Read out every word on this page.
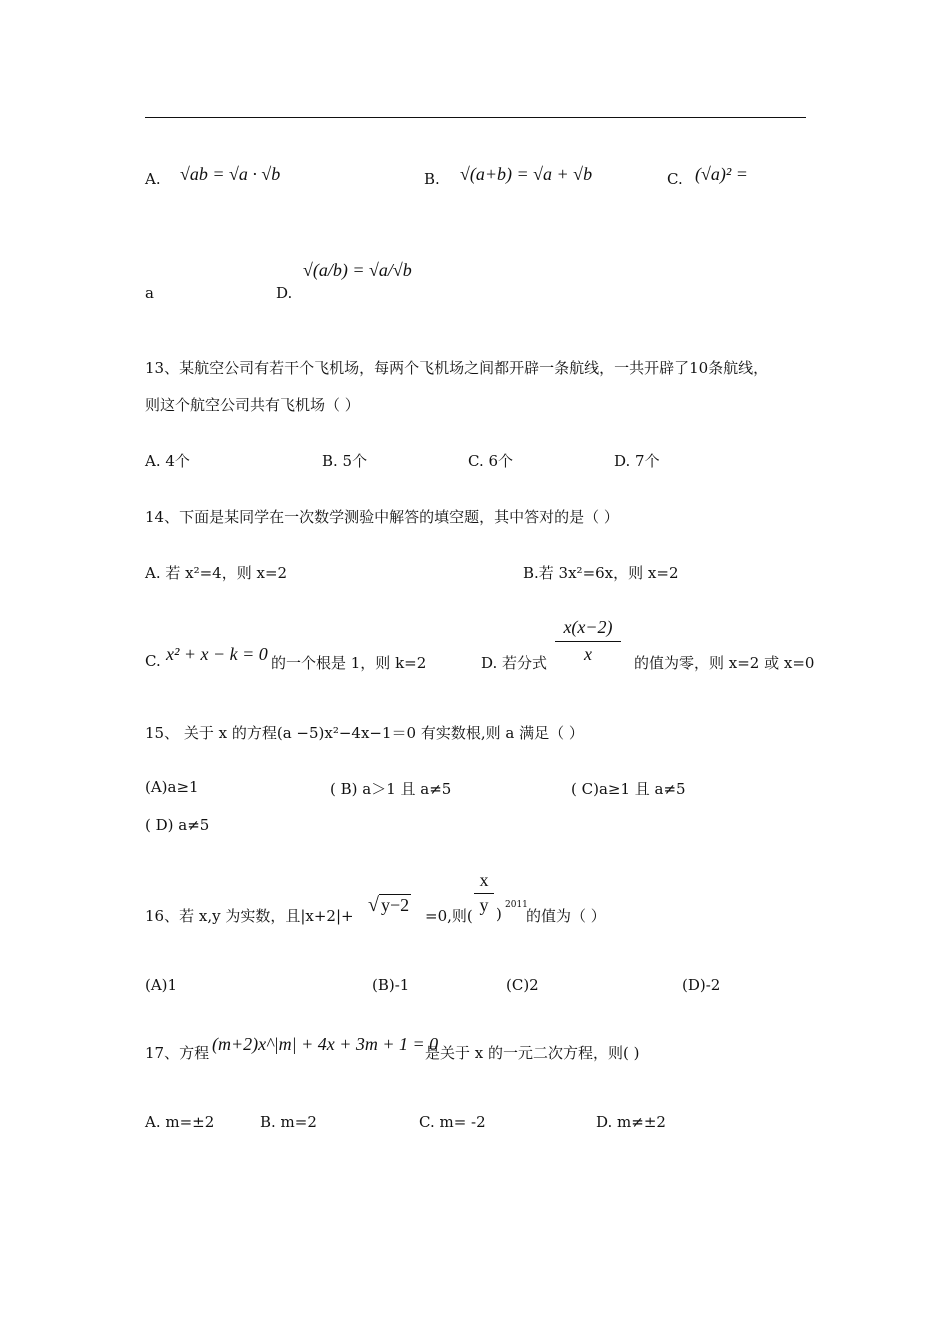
A. √ab = √a · √b	B. √(a+b) = √a + √b	C. (√a)² =
a	D.
√(a/b) = √a/√b
13、某航空公司有若干个飞机场，每两个飞机场之间都开辟一条航线，一共开辟了10条航线，
则这个航空公司共有飞机场（ ）
A. 4个	B. 5个	C. 6个	D. 7个
14、下面是某同学在一次数学测验中解答的填空题，其中答对的是（ ）
A. 若 x²=4，则 x=2	B.若 3x²=6x，则 x=2
C. x² + x − k = 0 的一个根是 1，则 k=2	D. 若分式 $\frac{x(x-2)}{x}$ 的值为零，则 x=2 或 x=0
15、 关于 x 的方程(a −5)x²−4x−1＝0 有实数根,则 a 满足（ ）
(A)a≥1	( B) a＞1 且 a≠5	( C)a≥1 且 a≠5
( D) a≠5
16、若 x,y 为实数，且|x+2|+ √ y−2
=0,则( $\frac{x}{y}$ ) 2011
的值为（ ）
(A)1	(B)-1	(C)2	(D)-2
17、方程 (m+2)x^|m| + 4x + 3m + 1 = 0
是关于 x 的一元二次方程，则( )
A. m=±2	B. m=2	C. m= -2	D. m≠±2
